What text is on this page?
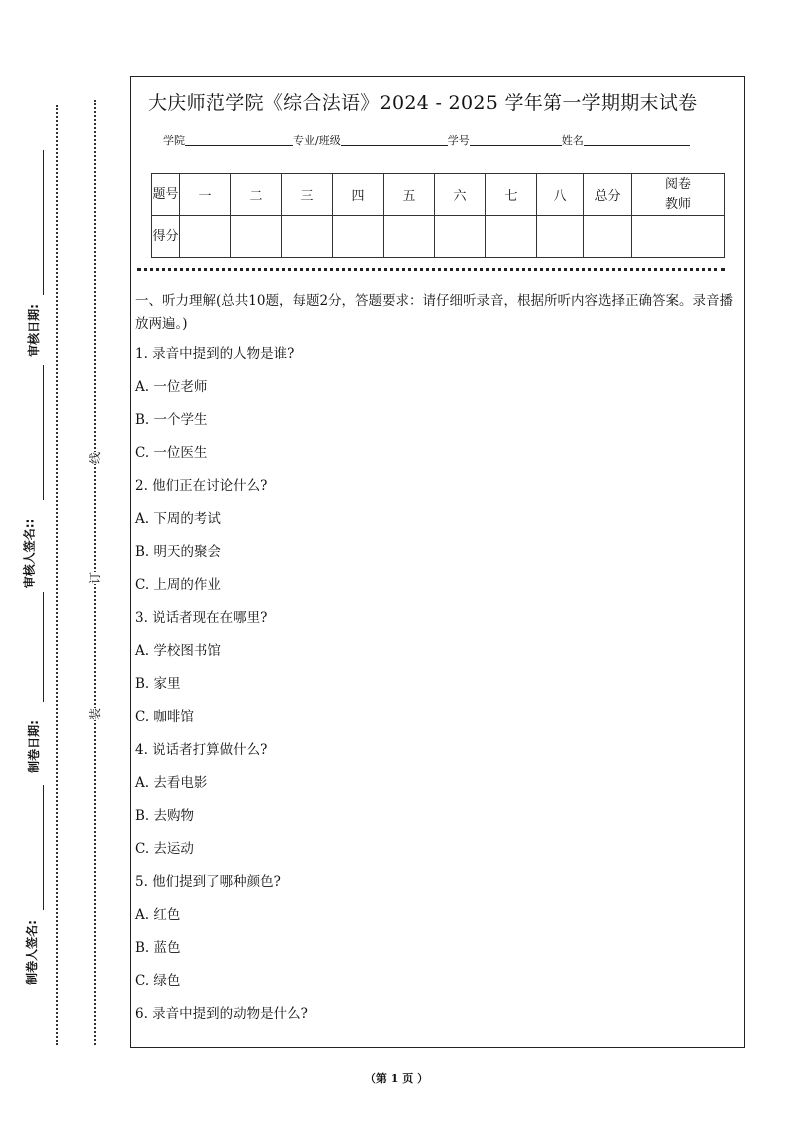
审核日期:
审核人签名::
制卷日期:
制卷人签名:
线
订
装
大庆师范学院《综合法语》2024 - 2025 学年第一学期期末试卷
学院	专业/班级	学号	姓名
题号	一	二	三	四	五	六	七	八	总分	阅卷教师
得分										
一、听力理解(总共10题，每题2分，答题要求：请仔细听录音，根据所听内容选择正确答案。录音播放两遍。)
1. 录音中提到的人物是谁?
A. 一位老师
B. 一个学生
C. 一位医生
2. 他们正在讨论什么?
A. 下周的考试
B. 明天的聚会
C. 上周的作业
3. 说话者现在在哪里?
A. 学校图书馆
B. 家里
C. 咖啡馆
4. 说话者打算做什么?
A. 去看电影
B. 去购物
C. 去运动
5. 他们提到了哪种颜色?
A. 红色
B. 蓝色
C. 绿色
6. 录音中提到的动物是什么?
（第 1 页 ）
